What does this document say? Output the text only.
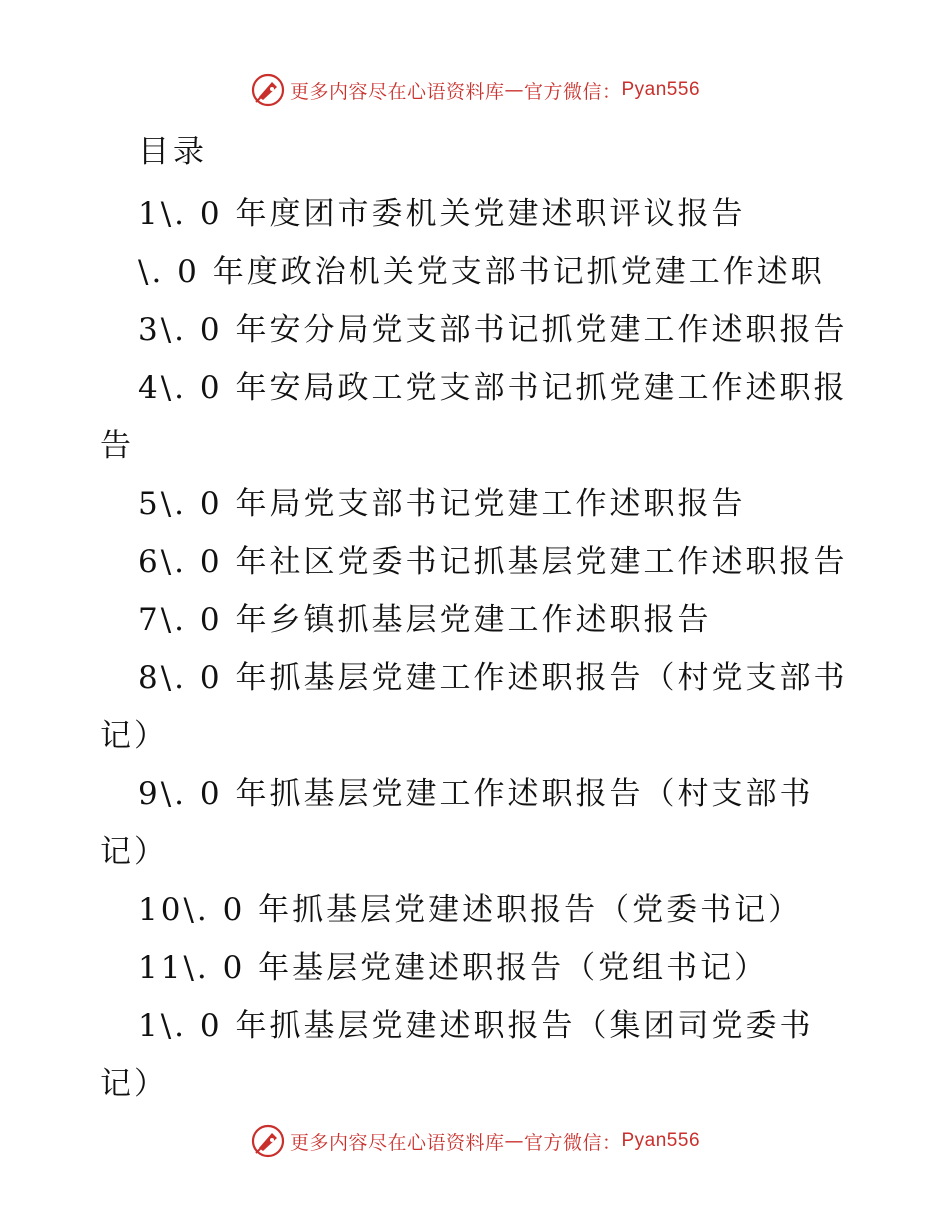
更多内容尽在心语资料库 — 官方微信： Pyan556
目录
1\. 0 年度团市委机关党建述职评议报告
\. 0 年度政治机关党支部书记抓党建工作述职
3\. 0 年安分局党支部书记抓党建工作述职报告
4\. 0 年安局政工党支部书记抓党建工作述职报
告
5\. 0 年局党支部书记党建工作述职报告
6\. 0 年社区党委书记抓基层党建工作述职报告
7\. 0 年乡镇抓基层党建工作述职报告
8\. 0 年抓基层党建工作述职报告（村党支部书
记）
9\. 0 年抓基层党建工作述职报告（村支部书
记）
10\. 0 年抓基层党建述职报告（党委书记）
11\. 0 年基层党建述职报告（党组书记）
1\. 0 年抓基层党建述职报告（集团司党委书
记）
更多内容尽在心语资料库 — 官方微信： Pyan556
